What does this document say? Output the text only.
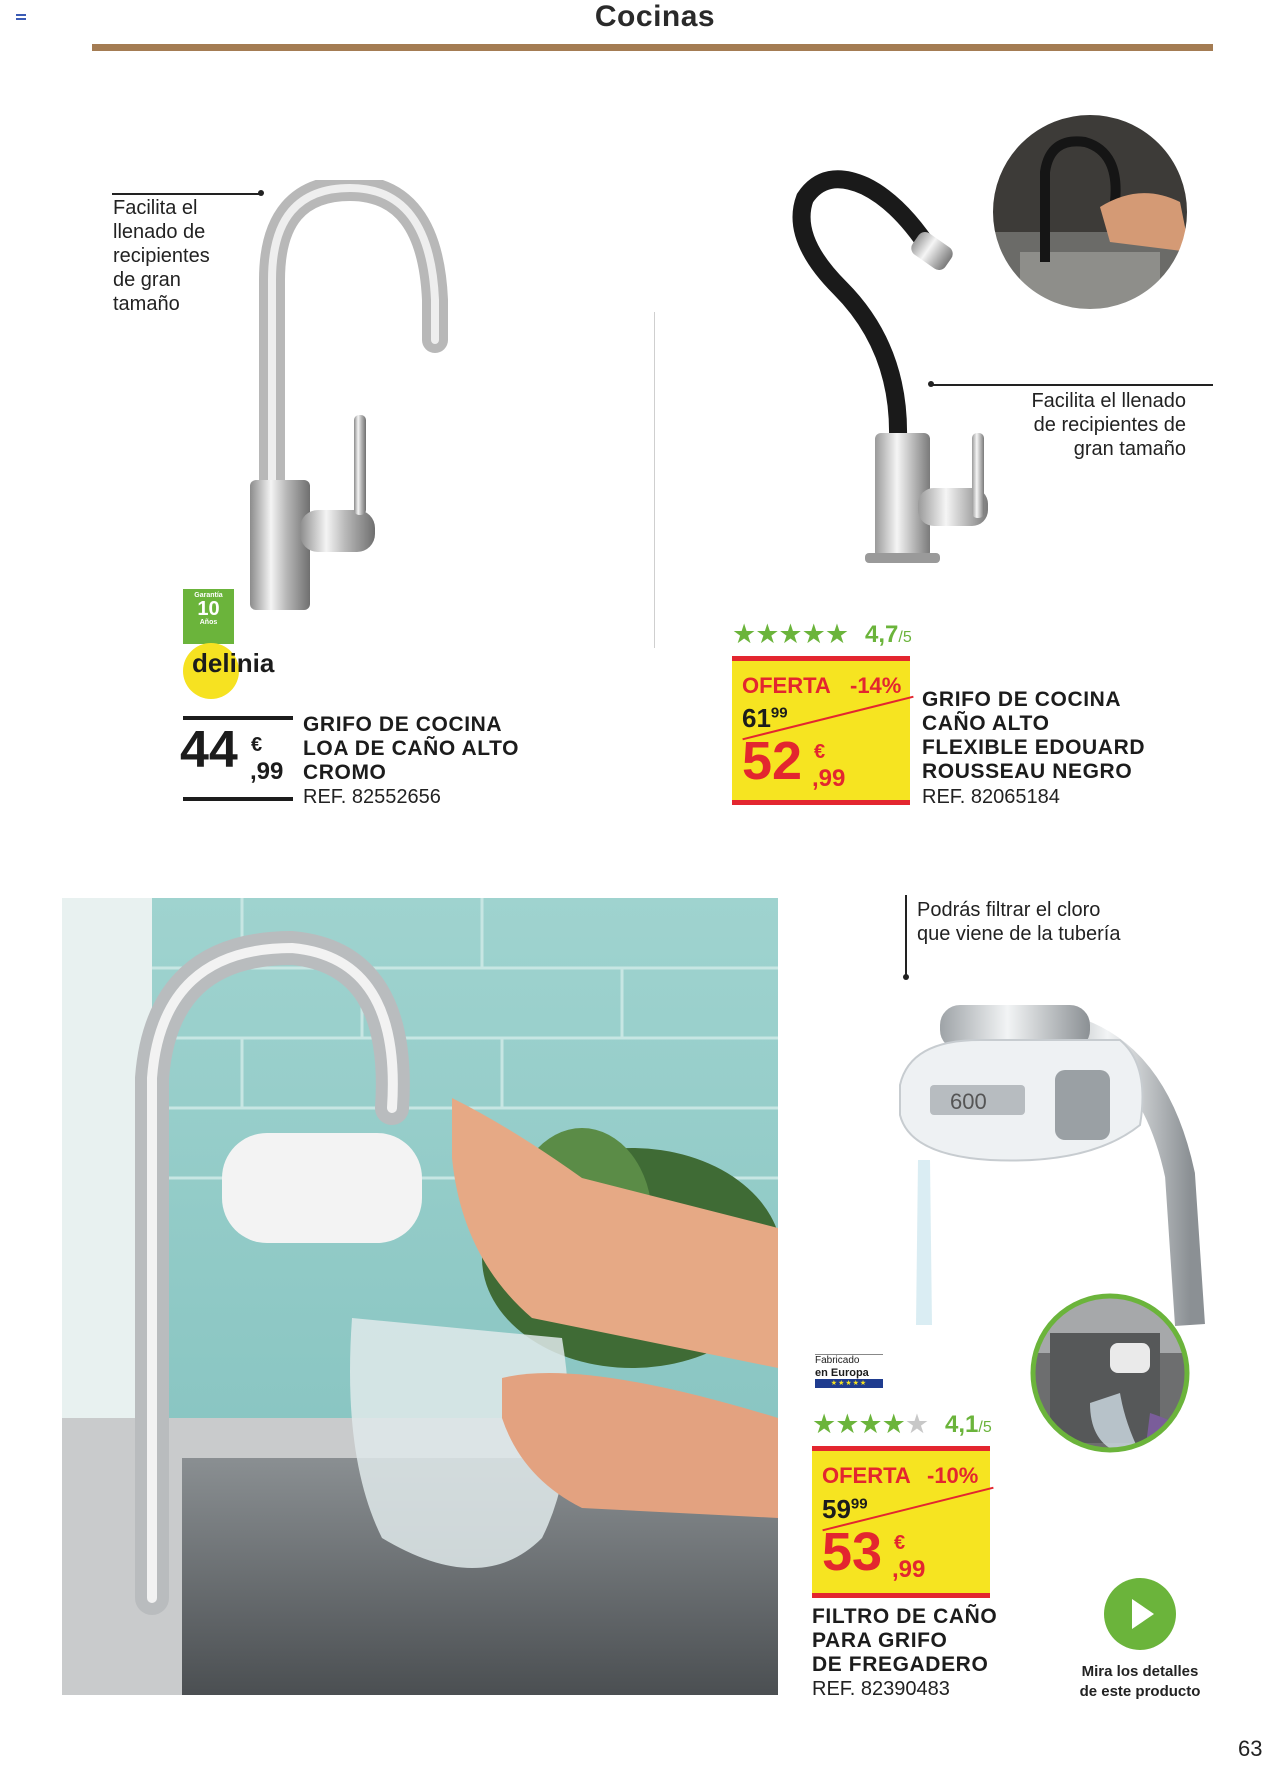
Cocinas
Facilita el
llenado de
recipientes
de gran
tamaño
Garantía
10
Años
delinia
44 €
,99
GRIFO DE COCINA
LOA DE CAÑO ALTO
CROMO
REF. 82552656
Facilita el llenado
de recipientes de
gran tamaño
★★★★★ 4,7/5
OFERTA -14%
$61^{99}$
52 €
,99
GRIFO DE COCINA
CAÑO ALTO
FLEXIBLE EDOUARD
ROUSSEAU NEGRO
REF. 82065184
Podrás filtrar el cloro
que viene de la tubería
600
Fabricado
en Europa
★★★★★
★★★★★ 4,1/5
OFERTA -10%
$59^{99}$
53 €
,99
FILTRO DE CAÑO
PARA GRIFO
DE FREGADERO
REF. 82390483
Mira los detalles
de este producto
63
